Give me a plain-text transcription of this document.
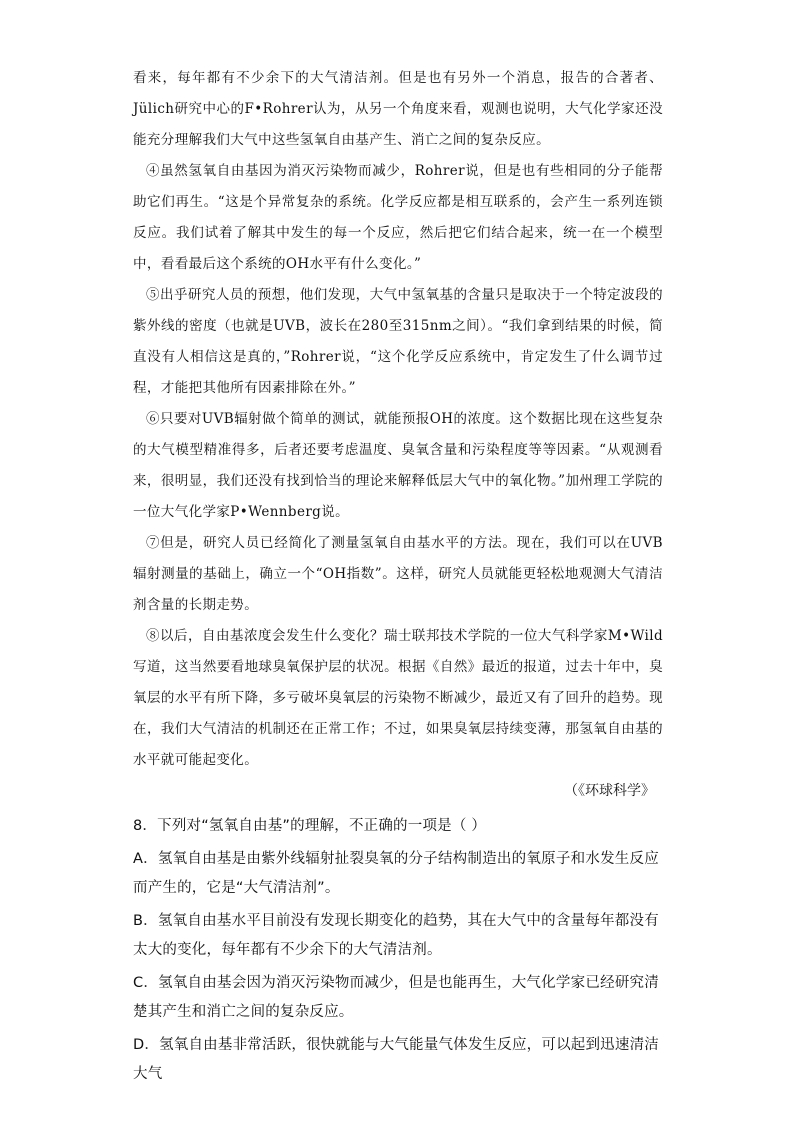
看来，每年都有不少余下的大气清洁剂。但是也有另外一个消息，报告的合著者、Jülich研究中心的F•Rohrer认为，从另一个角度来看，观测也说明，大气化学家还没能充分理解我们大气中这些氢氧自由基产生、消亡之间的复杂反应。

④虽然氢氧自由基因为消灭污染物而减少，Rohrer说，但是也有些相同的分子能帮助它们再生。“这是个异常复杂的系统。化学反应都是相互联系的，会产生一系列连锁反应。我们试着了解其中发生的每一个反应，然后把它们结合起来，统一在一个模型中，看看最后这个系统的OH水平有什么变化。”

⑤出乎研究人员的预想，他们发现，大气中氢氧基的含量只是取决于一个特定波段的紫外线的密度（也就是UVB，波长在280至315nm之间）。“我们拿到结果的时候，简直没有人相信这是真的，”Rohrer说，“这个化学反应系统中，肯定发生了什么调节过程，才能把其他所有因素排除在外。”

⑥只要对UVB辐射做个简单的测试，就能预报OH的浓度。这个数据比现在这些复杂的大气模型精准得多，后者还要考虑温度、臭氧含量和污染程度等等因素。“从观测看来，很明显，我们还没有找到恰当的理论来解释低层大气中的氧化物。”加州理工学院的一位大气化学家P•Wennberg说。

⑦但是，研究人员已经简化了测量氢氧自由基水平的方法。现在，我们可以在UVB辐射测量的基础上，确立一个“OH指数”。这样，研究人员就能更轻松地观测大气清洁剂含量的长期走势。

⑧以后，自由基浓度会发生什么变化？瑞士联邦技术学院的一位大气科学家M•Wild写道，这当然要看地球臭氧保护层的状况。根据《自然》最近的报道，过去十年中，臭氧层的水平有所下降，多亏破坏臭氧层的污染物不断减少，最近又有了回升的趋势。现在，我们大气清洁的机制还在正常工作；不过，如果臭氧层持续变薄，那氢氧自由基的水平就可能起变化。

（《环球科学》

8．下列对“氢氧自由基”的理解，不正确的一项是（ ）

A．氢氧自由基是由紫外线辐射扯裂臭氧的分子结构制造出的氧原子和水发生反应而产生的，它是“大气清洁剂”。

B．氢氧自由基水平目前没有发现长期变化的趋势，其在大气中的含量每年都没有太大的变化，每年都有不少余下的大气清洁剂。

C．氢氧自由基会因为消灭污染物而减少，但是也能再生，大气化学家已经研究清楚其产生和消亡之间的复杂反应。

D．氢氧自由基非常活跃，很快就能与大气能量气体发生反应，可以起到迅速清洁大气
